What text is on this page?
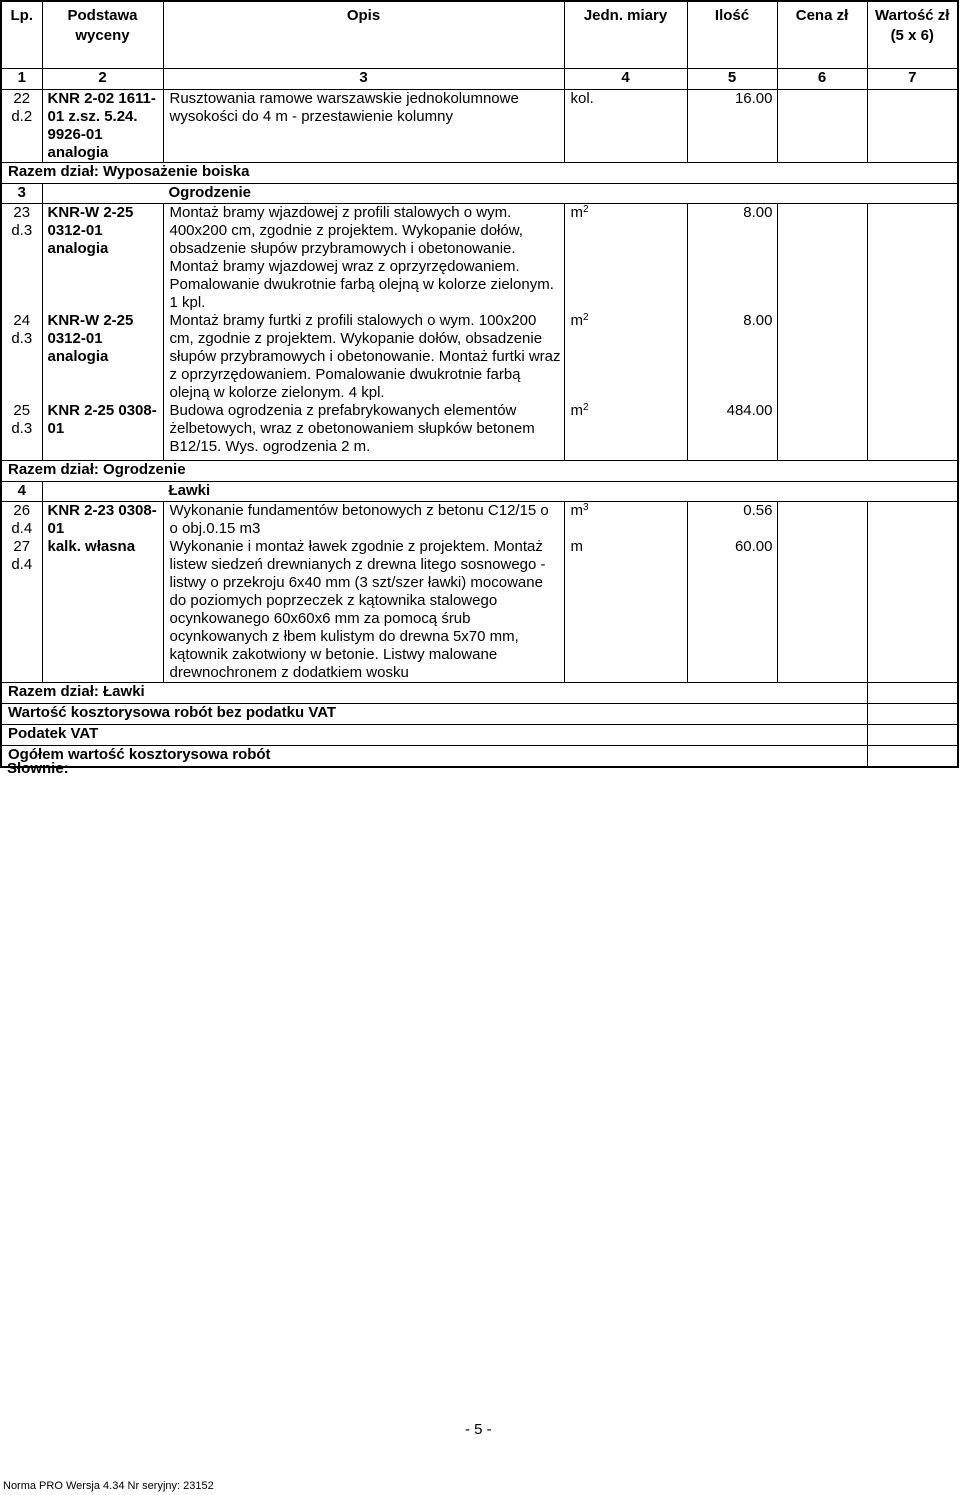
Lp.	Podstawa wyceny	Opis	Jedn. miary	Ilość	Cena zł	Wartość zł (5 x 6)
1	2	3	4	5	6	7
22 d.2	KNR 2-02 1611-01 z.sz. 5.24. 9926-01 analogia	Rusztowania ramowe warszawskie jednokolumnowe wysokości do 4 m - przestawienie kolumny	kol.	16.00		
Razem dział: Wyposażenie boiska						
3	Ogrodzenie					
23 d.3	KNR-W 2-25 0312-01 analogia	Montaż bramy wjazdowej z profili stalowych o wym. 400x200 cm, zgodnie z projektem. Wykopanie dołów, obsadzenie słupów przybramowych i obetonowanie. Montaż bramy wjazdowej wraz z oprzyrzędowaniem. Pomalowanie dwukrotnie farbą olejną w kolorze zielonym. 1 kpl.	$m^2$	8.00		
24 d.3	KNR-W 2-25 0312-01 analogia	Montaż bramy furtki z profili stalowych o wym. 100x200 cm, zgodnie z projektem. Wykopanie dołów, obsadzenie słupów przybramowych i obetonowanie. Montaż furtki wraz z oprzyrzędowaniem. Pomalowanie dwukrotnie farbą olejną w kolorze zielonym. 4 kpl.	$m^2$	8.00		
25 d.3	KNR 2-25 0308-01	Budowa ogrodzenia z prefabrykowanych elementów żelbetowych, wraz z obetonowaniem słupków betonem B12/15. Wys. ogrodzenia 2 m.	$m^2$	484.00		
Razem dział: Ogrodzenie						
4	Ławki					
26 d.4	KNR 2-23 0308-01	Wykonanie fundamentów betonowych z betonu C12/15 o o obj.0.15 m3	$m^3$	0.56		
27 d.4	kalk. własna	Wykonanie i montaż ławek zgodnie z projektem. Montaż listew siedzeń drewnianych z drewna litego sosnowego - listwy o przekroju 6x40 mm (3 szt/szer ławki) mocowane do poziomych poprzeczek z kątownika stalowego ocynkowanego 60x60x6 mm za pomocą śrub ocynkowanych z łbem kulistym do drewna 5x70 mm, kątownik zakotwiony w betonie. Listwy malowane drewnochronem z dodatkiem wosku	m	60.00		
Razem dział: Ławki						
Wartość kosztorysowa robót bez podatku VAT						
Podatek VAT						
Ogółem wartość kosztorysowa robót						
Słownie:
- 5 -
Norma PRO Wersja 4.34 Nr seryjny: 23152
